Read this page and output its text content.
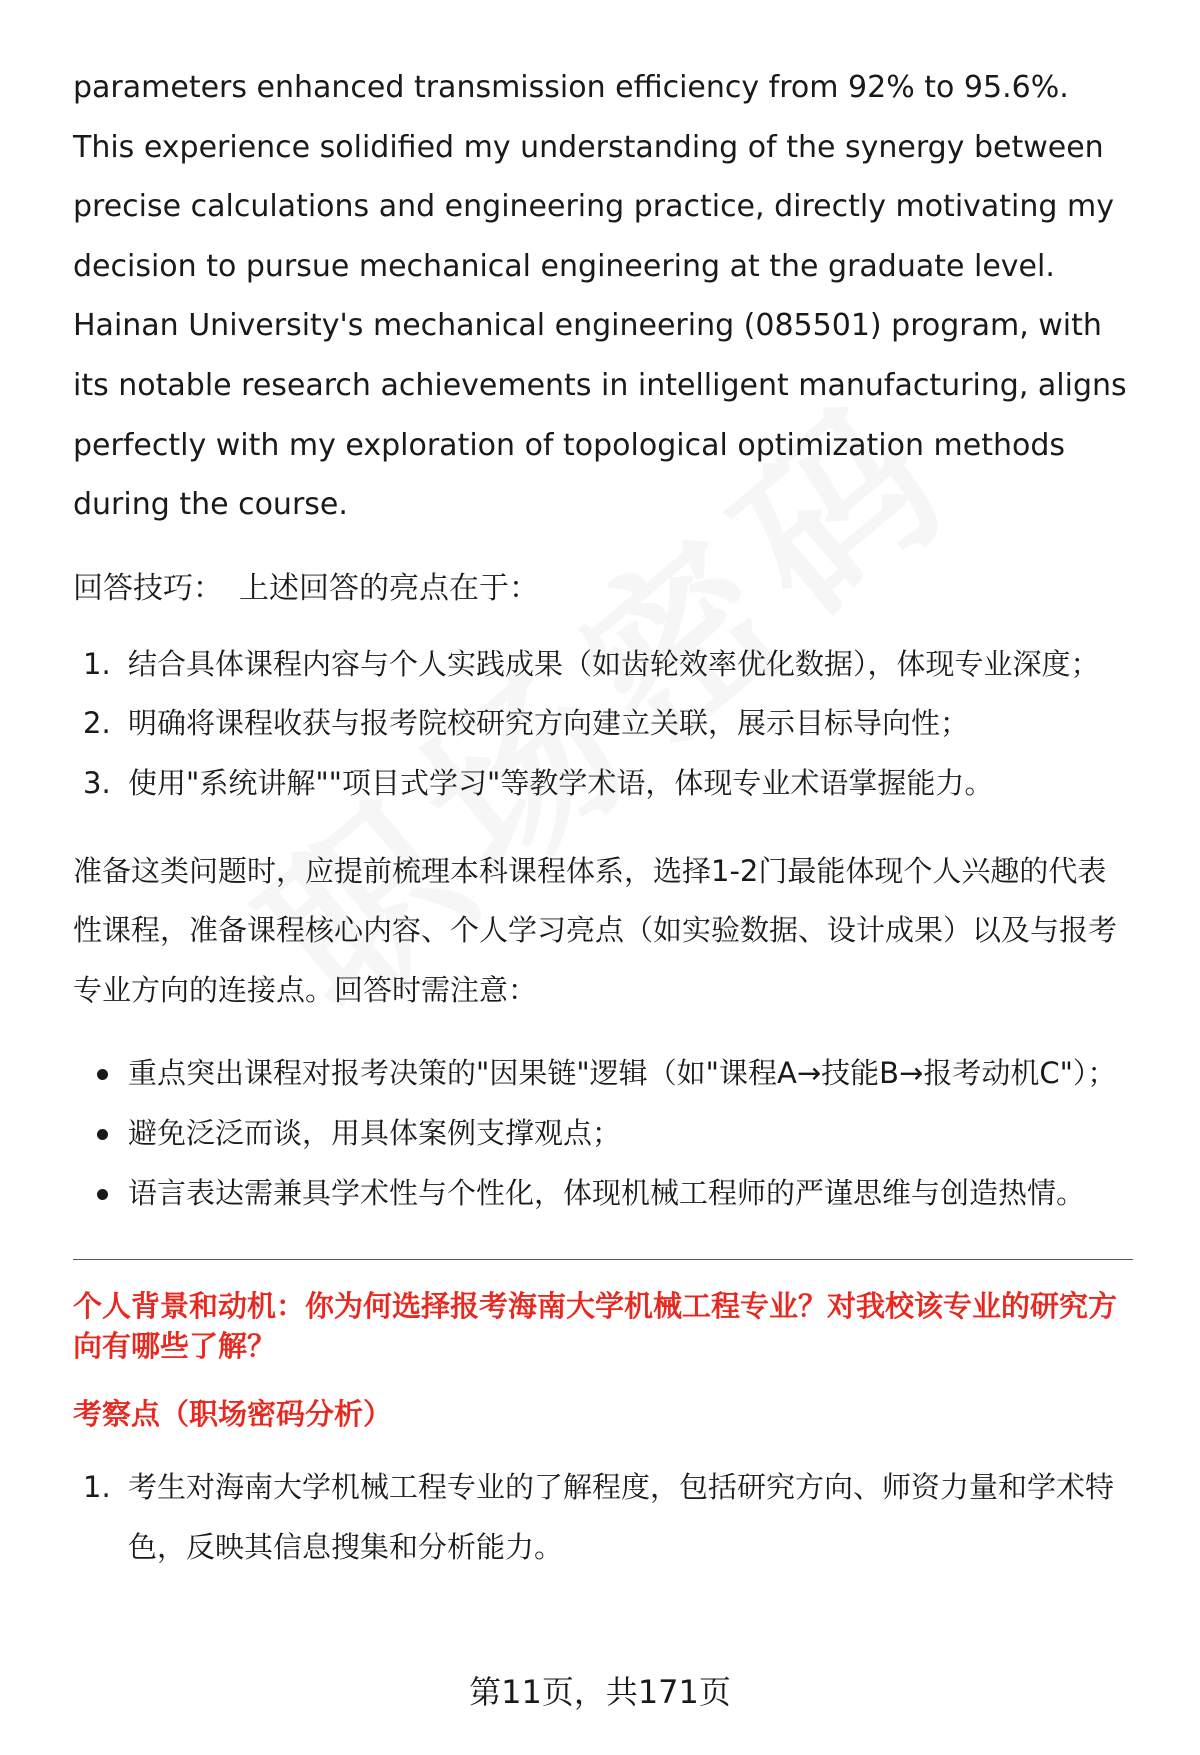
parameters enhanced transmission efficiency from 92% to 95.6%. This experience solidified my understanding of the synergy between precise calculations and engineering practice, directly motivating my decision to pursue mechanical engineering at the graduate level. Hainan University's mechanical engineering (085501) program, with its notable research achievements in intelligent manufacturing, aligns perfectly with my exploration of topological optimization methods during the course.

回答技巧： 上述回答的亮点在于：

1. 结合具体课程内容与个人实践成果（如齿轮效率优化数据），体现专业深度；
2. 明确将课程收获与报考院校研究方向建立关联，展示目标导向性；
3. 使用"系统讲解""项目式学习"等教学术语，体现专业术语掌握能力。

准备这类问题时，应提前梳理本科课程体系，选择1-2门最能体现个人兴趣的代表性课程，准备课程核心内容、个人学习亮点（如实验数据、设计成果）以及与报考专业方向的连接点。回答时需注意：

重点突出课程对报考决策的"因果链"逻辑（如"课程A→技能B→报考动机C"）；
避免泛泛而谈，用具体案例支撑观点；
语言表达需兼具学术性与个性化，体现机械工程师的严谨思维与创造热情。

个人背景和动机：你为何选择报考海南大学机械工程专业？对我校该专业的研究方向有哪些了解？

考察点（职场密码分析）

1. 考生对海南大学机械工程专业的了解程度，包括研究方向、师资力量和学术特色，反映其信息搜集和分析能力。
第11页，共171页
